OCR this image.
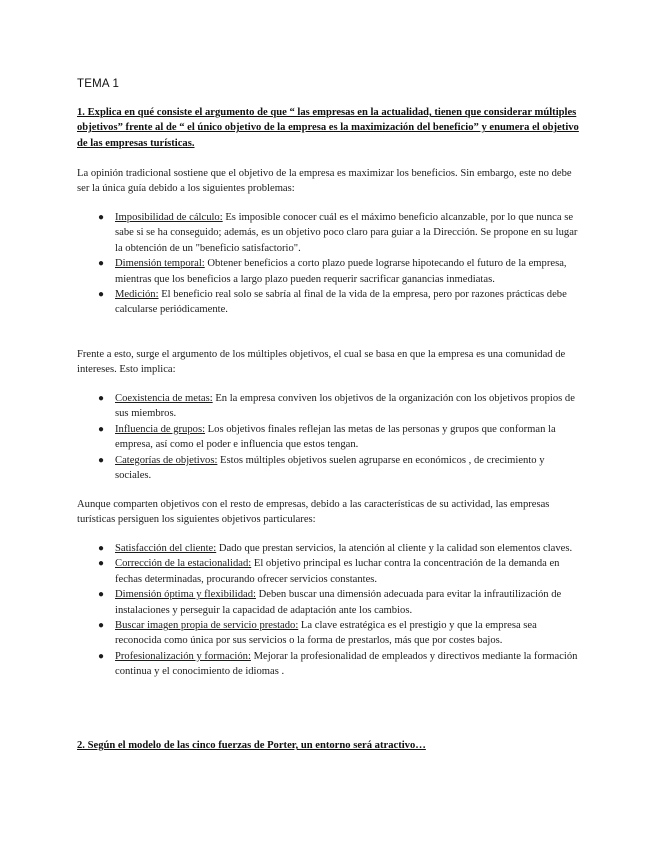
TEMA 1
1. Explica en qué consiste el argumento de que “ las empresas en la actualidad, tienen que considerar múltiples objetivos” frente al de “ el único objetivo de la empresa es la maximización del beneficio” y enumera el objetivo de las empresas turísticas.

La opinión tradicional sostiene que el objetivo de la empresa es maximizar los beneficios. Sin embargo, este no debe ser la única guía debido a los siguientes problemas:

● Imposibilidad de cálculo: Es imposible conocer cuál es el máximo beneficio alcanzable, por lo que nunca se sabe si se ha conseguido; además, es un objetivo poco claro para guiar a la Dirección. Se propone en su lugar la obtención de un "beneficio satisfactorio".
● Dimensión temporal: Obtener beneficios a corto plazo puede lograrse hipotecando el futuro de la empresa, mientras que los beneficios a largo plazo pueden requerir sacrificar ganancias inmediatas.
● Medición: El beneficio real solo se sabría al final de la vida de la empresa, pero por razones prácticas debe calcularse periódicamente.

Frente a esto, surge el argumento de los múltiples objetivos, el cual se basa en que la empresa es una comunidad de intereses. Esto implica:

● Coexistencia de metas: En la empresa conviven los objetivos de la organización con los objetivos propios de sus miembros.
● Influencia de grupos: Los objetivos finales reflejan las metas de las personas y grupos que conforman la empresa, así como el poder e influencia que estos tengan.
● Categorías de objetivos: Estos múltiples objetivos suelen agruparse en económicos , de crecimiento y sociales.

Aunque comparten objetivos con el resto de empresas, debido a las características de su actividad, las empresas turísticas persiguen los siguientes objetivos particulares:

● Satisfacción del cliente: Dado que prestan servicios, la atención al cliente y la calidad son elementos claves.
● Corrección de la estacionalidad: El objetivo principal es luchar contra la concentración de la demanda en fechas determinadas, procurando ofrecer servicios constantes.
● Dimensión óptima y flexibilidad: Deben buscar una dimensión adecuada para evitar la infrautilización de instalaciones y perseguir la capacidad de adaptación ante los cambios.
● Buscar imagen propia de servicio prestado: La clave estratégica es el prestigio y que la empresa sea reconocida como única por sus servicios o la forma de prestarlos, más que por costes bajos.
● Profesionalización y formación: Mejorar la profesionalidad de empleados y directivos mediante la formación continua y el conocimiento de idiomas .
2. Según el modelo de las cinco fuerzas de Porter, un entorno será atractivo…
